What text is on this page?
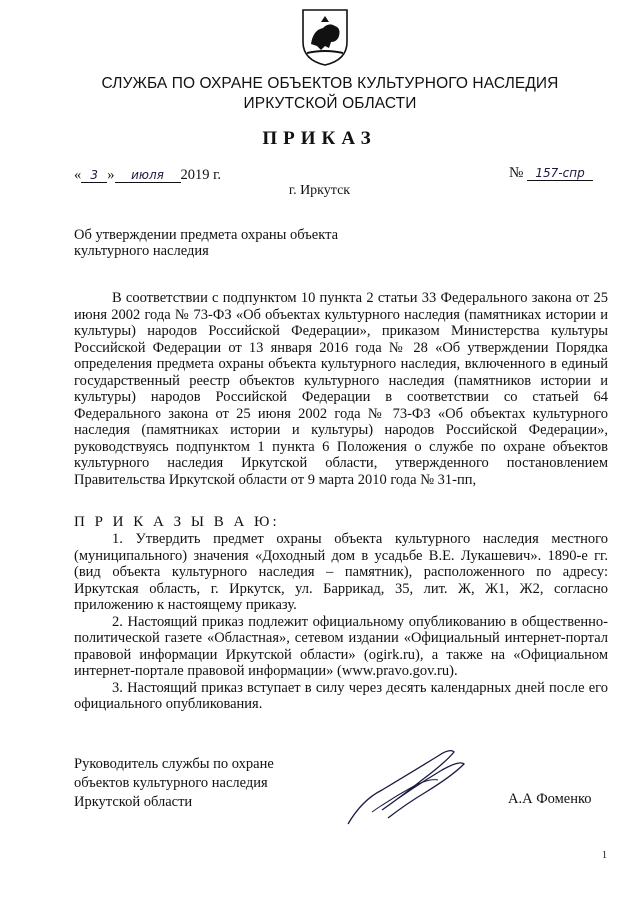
СЛУЖБА ПО ОХРАНЕ ОБЪЕКТОВ КУЛЬТУРНОГО НАСЛЕДИЯ ИРКУТСКОЙ ОБЛАСТИ
ПРИКАЗ
« 3 » июля 2019 г.	№ 157-спр
г. Иркутск
Об утверждении предмета охраны объекта культурного наследия
В соответствии с подпунктом 10 пункта 2 статьи 33 Федерального закона от 25 июня 2002 года № 73-ФЗ «Об объектах культурного наследия (памятниках истории и культуры) народов Российской Федерации», приказом Министерства культуры Российской Федерации от 13 января 2016 года № 28 «Об утверждении Порядка определения предмета охраны объекта культурного наследия, включенного в единый государственный реестр объектов культурного наследия (памятников истории и культуры) народов Российской Федерации в соответствии со статьей 64 Федерального закона от 25 июня 2002 года № 73-ФЗ «Об объектах культурного наследия (памятниках истории и культуры) народов Российской Федерации», руководствуясь подпунктом 1 пункта 6 Положения о службе по охране объектов культурного наследия Иркутской области, утвержденного постановлением Правительства Иркутской области от 9 марта 2010 года № 31-пп,
П Р И К А З Ы В А Ю:

1. Утвердить предмет охраны объекта культурного наследия местного (муниципального) значения «Доходный дом в усадьбе В.Е. Лукашевич». 1890-е гг. (вид объекта культурного наследия – памятник), расположенного по адресу: Иркутская область, г. Иркутск, ул. Баррикад, 35, лит. Ж, Ж1, Ж2, согласно приложению к настоящему приказу.

2. Настоящий приказ подлежит официальному опубликованию в общественно-политической газете «Областная», сетевом издании «Официальный интернет-портал правовой информации Иркутской области» (ogirk.ru), а также на «Официальном интернет-портале правовой информации» (www.pravo.gov.ru).

3. Настоящий приказ вступает в силу через десять календарных дней после его официального опубликования.

Руководитель службы по охране
объектов культурного наследия
Иркутской области	А.А Фоменко
1
